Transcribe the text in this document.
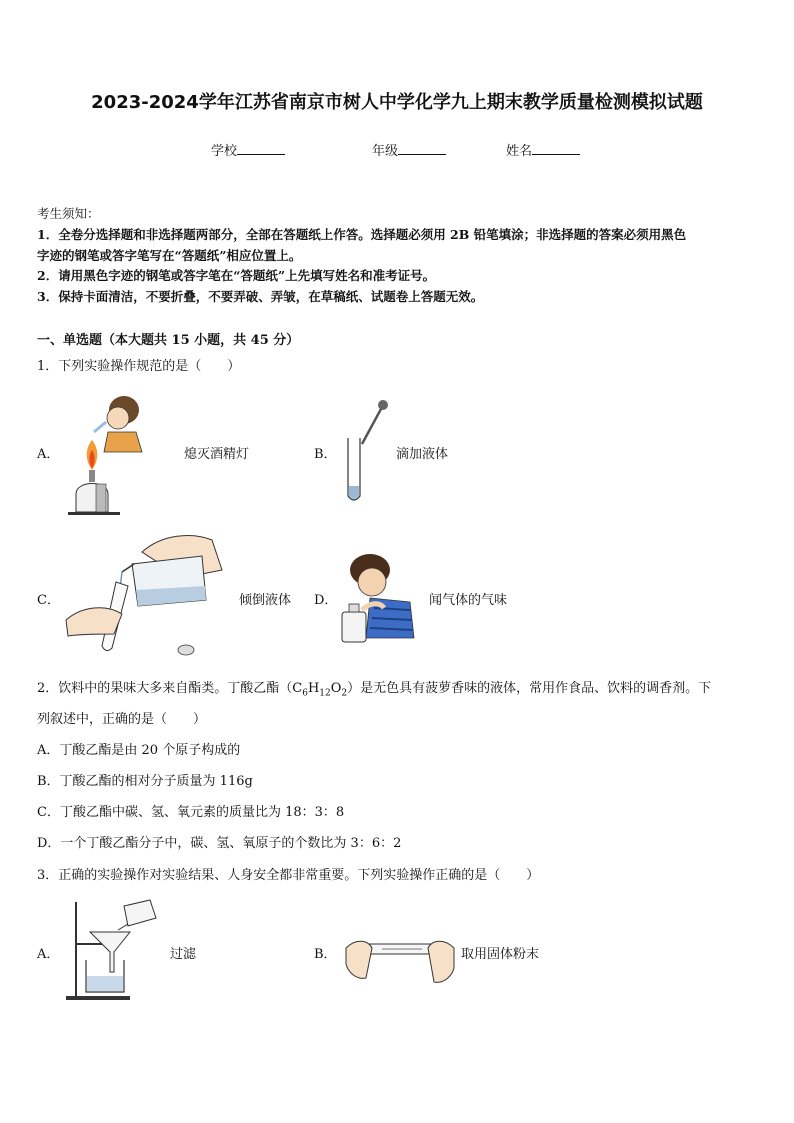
2023-2024学年江苏省南京市树人中学化学九上期末教学质量检测模拟试题
学校	年级	姓名
考生须知：
1．全卷分选择题和非选择题两部分，全部在答题纸上作答。选择题必须用 2B 铅笔填涂；非选择题的答案必须用黑色
字迹的钢笔或答字笔写在“答题纸”相应位置上。
2．请用黑色字迹的钢笔或答字笔在“答题纸”上先填写姓名和准考证号。
3．保持卡面清洁，不要折叠，不要弄破、弄皱，在草稿纸、试题卷上答题无效。
一、单选题（本大题共 15 小题，共 45 分）
1．下列实验操作规范的是（　　）
A．	熄灭酒精灯	B．	滴加液体
C．	倾倒液体 D．	闻气体的气味
2．饮料中的果味大多来自酯类。丁酸乙酯$(C_6H_{12}O_2)$是无色具有菠萝香味的液体，常用作食品、饮料的调香剂。下
列叙述中，正确的是（　　）
A．丁酸乙酯是由 20 个原子构成的
B．丁酸乙酯的相对分子质量为 116g
C．丁酸乙酯中碳、氢、氧元素的质量比为 18：3：8
D．一个丁酸乙酯分子中，碳、氢、氧原子的个数比为 3：6：2
3．正确的实验操作对实验结果、人身安全都非常重要。下列实验操作正确的是（　　）
A．	过滤	B．	取用固体粉末
